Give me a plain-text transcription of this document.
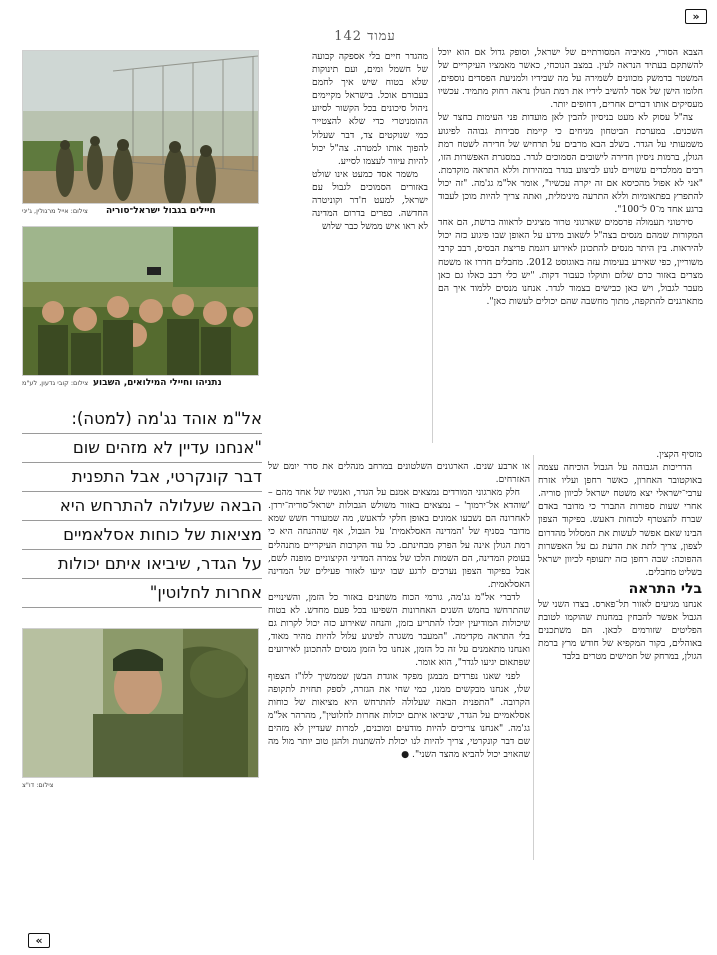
»
«
עמוד 142

הצבא הסורי, מאיביה המסורתיים של ישראל, וסופק גדול אם הוא יוכל להשתקם בעתיד הנראה לעין. במצב הנוכחי, כאשר מאמציו העיקריים של המשטר בדמשק מכוונים לשמירה על מה שבידיו ולמניעת הפסדים נוספים, חלומו הישן של אסד להשיב לידיו את רמת הגולן נראה רחוק מתמיד. עכשיו מעסיקים אותו דברים אחרים, דחופים יותר.

צה"ל עסוק לא מעט בניסיון להבין לאן מועדות פני העימות בחצר של השכנים. במערכת הביטחון מניחים כי קיימת סבירות גבוהה לפיגוע משמעותי על הגדר. בשלב הבא מרבים על תרחיש של חדירה לשטח רמת הגולן, ברמות ניסיון חדירה לישובים הסמוכים לגדר. במסגרת האפשרות הזו, רבים ממלכדים עשויים לנוע לביצוע בגדר במהירות וללא התראה מוקדמת. "אני לא אפול מהכיסא אם זה יקרה עכשיו", אומר אל"מ גג'מה. "זה יכול להתפרץ בפתאומיות וללא התרעה מינימלית, ואתה צריך להיות מוכן לעבוד ברגע אחד מ־0 ל־100".

סירטוני תעמולה פרסמים שארגוני טרור מציגים לראווה ברשת, הם אחד המקורות שמהם מנסים בצה"ל לשאוב מידע על האופן שבו פיגוע כזה יכול להיראות. בין היתר מנסים להתכונן לאירוע דוגמת פריצת הבסיס, רבב קרבי משוריין, כפי שאירע בעימות עזה באוגוסט 2012. מחבלים חדרו אז משטח מצרים באזור כרם שלום ותוקלו כעבור דקות. "יש כלי רכב כאלו גם כאן מעבר לגבול, ויש כאן כבישים בצמוד לגדר. אנחנו מנסים ללמוד איך הם מתארגנים להתקפה, מתוך מחשבה שהם יכולים לעשות כאן".

מהגדר חיים בלי אספקה קבועה של חשמל ומים, ועם תינוקות שלא בטוח שיש איך לחמם בעבורם אוכל. בישראל מקיימים ניהול סיכונים בכל הקשור לסיוע ההומניטרי כדי שלא להצטייר כמי שנוקטים צד, דבר שעלול להפוך אותו למטרה. צה"ל יכול להיות עיוור לעצמו לסייע.

משמר אסד כמעט אינו שולט באזורים הסמוכים לגבול עם ישראל, למעט ח'דר וקוניטרה החדשה. כפרים בדרום המדינה לא ראו איש ממשל כבר שלוש

מוסיף הקצין.

הדריכות הגבוהה על הגבול הוכיחה עצמה באוקטובר האחרון, כאשר רחפן ועליו אזרח ערבי־ישראלי יצא משטח ישראל לכיוון סוריה. אחרי שעות ספורות התברר כי מדובר באדם שברח להצטרף לכוחות דאעש. בפיקוד הצפון הבינו שאם אפשר לעשות את המסלול מהדרום לצפון, צריך לתת את הדעת גם על האפשרות ההפוכה: שבה רחפן כזה יתעופף לכיוון ישראל בשליט מחבלים.

בלי התראה

אנחנו מגיעים לאזור תל־פארס. בצדו השני של הגבול אפשר להבחין במחנות שהוקמו לטובת הפליטים שזורמים לכאן. הם משתכנים באוהלים, בקור המקפיא של חודש מרץ ברמת הגולן, במרחק של חמישים מטרים בלבד

או ארבע שנים. הארגונים השלטונים במרחב מנהלים את סדר יומם של האזרחים.

חלק מארגוני המורדים נמצאים אמנם על הגדר, ואנשיו של אחד מהם – 'שוהדא אל־ירמוך' – נמצאים באזור משולש הגבולות ישראל־סוריה־ירדן. לאחרונה הם נשבעו אמונים באופן חלקי לדאעש, מה שמעורר חשש שמא מדובר בסניף של 'המדינה האסלאמית' על הגבול, אף שההנחה היא כי רמת הגולן אינה על הפרק מבחינתם. כל עוד הקרבות העיקריים מתנהלים בעומק המדינה, הם השמות הלכו של צמרה המדיני הקיצוניים מופנה לשם, אבל בפיקוד הצפון נערכים לרגע שבו יגיעו לאזור פעילים של המדינה האסלאמית.

לדברי אל"מ גג'מה, גורמי הכוח משתנים באזור כל הזמן, והשינויים שהתרחשו בחמש השנים האחרונות השפיעו בכל פעם מחדש. לא בטוח שיכולות המודיעין יוכלו להתריע בזמן, והנחה שאירוע כזה יכול לקרות גם בלי התראה מקדימה. "המעבר משגרה לפיגוע עלול להיות מהיר מאוד, ואנחנו מתאמנים על זה כל הזמן, אנחנו כל הזמן מנסים להתכונן לאירועים שפתאום יגיעו לגדר", הוא אומר.

לפני שאנו נפרדים מבמגן מפקד אוגדת הבשן שממשיך ללו"ז הצפוף שלו, אנחנו מבקשים ממנו, כמי שחי את הגזרה, לספק תחזית לתקופה הקרובה. "התפנית הבאה שעלולה להתרחש היא מציאות של כוחות אסלאמיים על הגדר, שיביאו איתם יכולות אחרות לחלוטין", מהרהר אל"מ גג'מה. "אנחנו צריכים להיות מודעים ומוכנים, למרות שעדיין לא מזהים שם דבר קונקרטי, צריך להיות לנו יכולת להשתנות ולהגן טוב יותר מול מה שהאויב יכול להביא מהצד השני". ●

חיילים בגבול ישראל־סוריה
צילום: אייל מרגולין, ג'יני
נתניהו וחיילי המילואים, השבוע
צילום: קובי גדעון, לע"מ

אל"מ אוהד נג'מה (למטה):

"אנחנו עדיין לא מזהים שום

דבר קונקרטי, אבל התפנית

הבאה שעלולה להתרחש היא

מציאות של כוחות אסלאמיים

על הגדר, שיביאו איתם יכולות

אחרות לחלוטין"

צילום: דו"צ
